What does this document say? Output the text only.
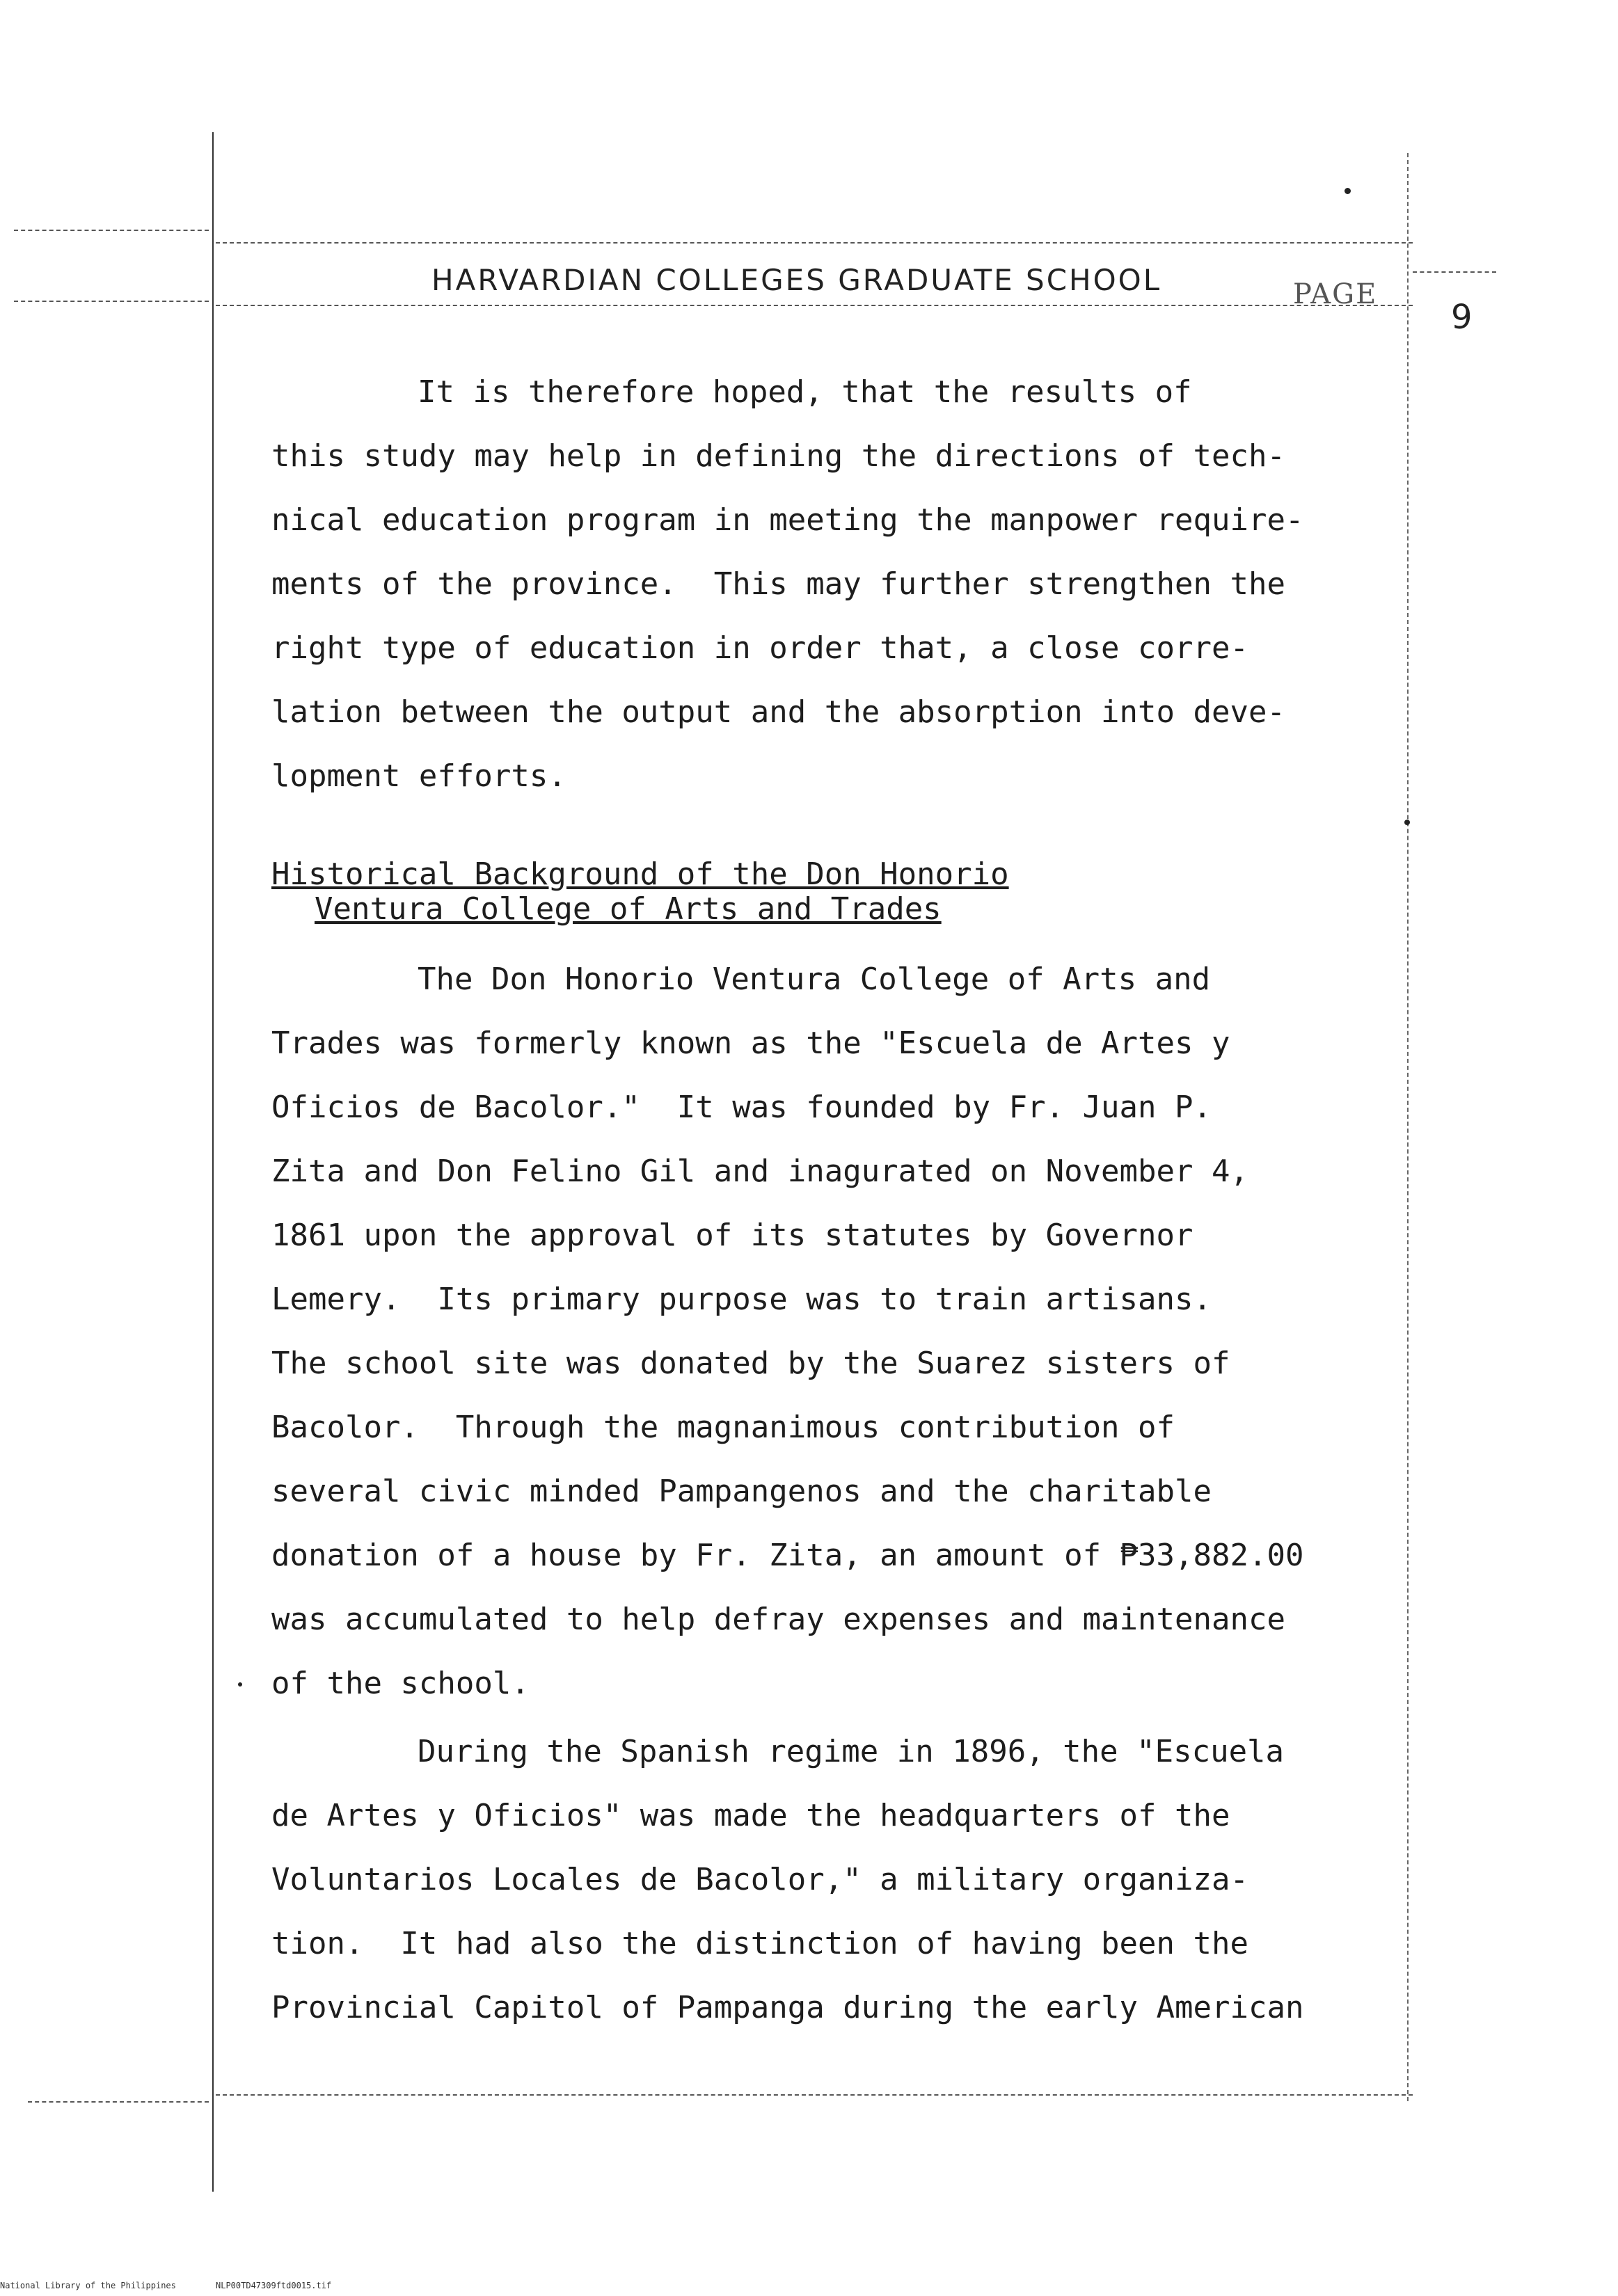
HARVARDIAN COLLEGES GRADUATE SCHOOL	PAGE
9
It is therefore hoped, that the results of
this study may help in defining the directions of tech-
nical education program in meeting the manpower require-
ments of the province.  This may further strengthen the
right type of education in order that, a close corre-
lation between the output and the absorption into deve-
lopment efforts.
Historical Background of the Don Honorio
Ventura College of Arts and Trades
The Don Honorio Ventura College of Arts and
Trades was formerly known as the "Escuela de Artes y
Oficios de Bacolor."  It was founded by Fr. Juan P.
Zita and Don Felino Gil and inagurated on November 4,
1861 upon the approval of its statutes by Governor
Lemery.  Its primary purpose was to train artisans.
The school site was donated by the Suarez sisters of
Bacolor.  Through the magnanimous contribution of
several civic minded Pampangenos and the charitable
donation of a house by Fr. Zita, an amount of ₱33,882.00
was accumulated to help defray expenses and maintenance
of the school.
During the Spanish regime in 1896, the "Escuela
de Artes y Oficios" was made the headquarters of the
Voluntarios Locales de Bacolor," a military organiza-
tion.  It had also the distinction of having been the
Provincial Capitol of Pampanga during the early American
National Library of the Philippines	NLP00TD47309ftd0015.tif
